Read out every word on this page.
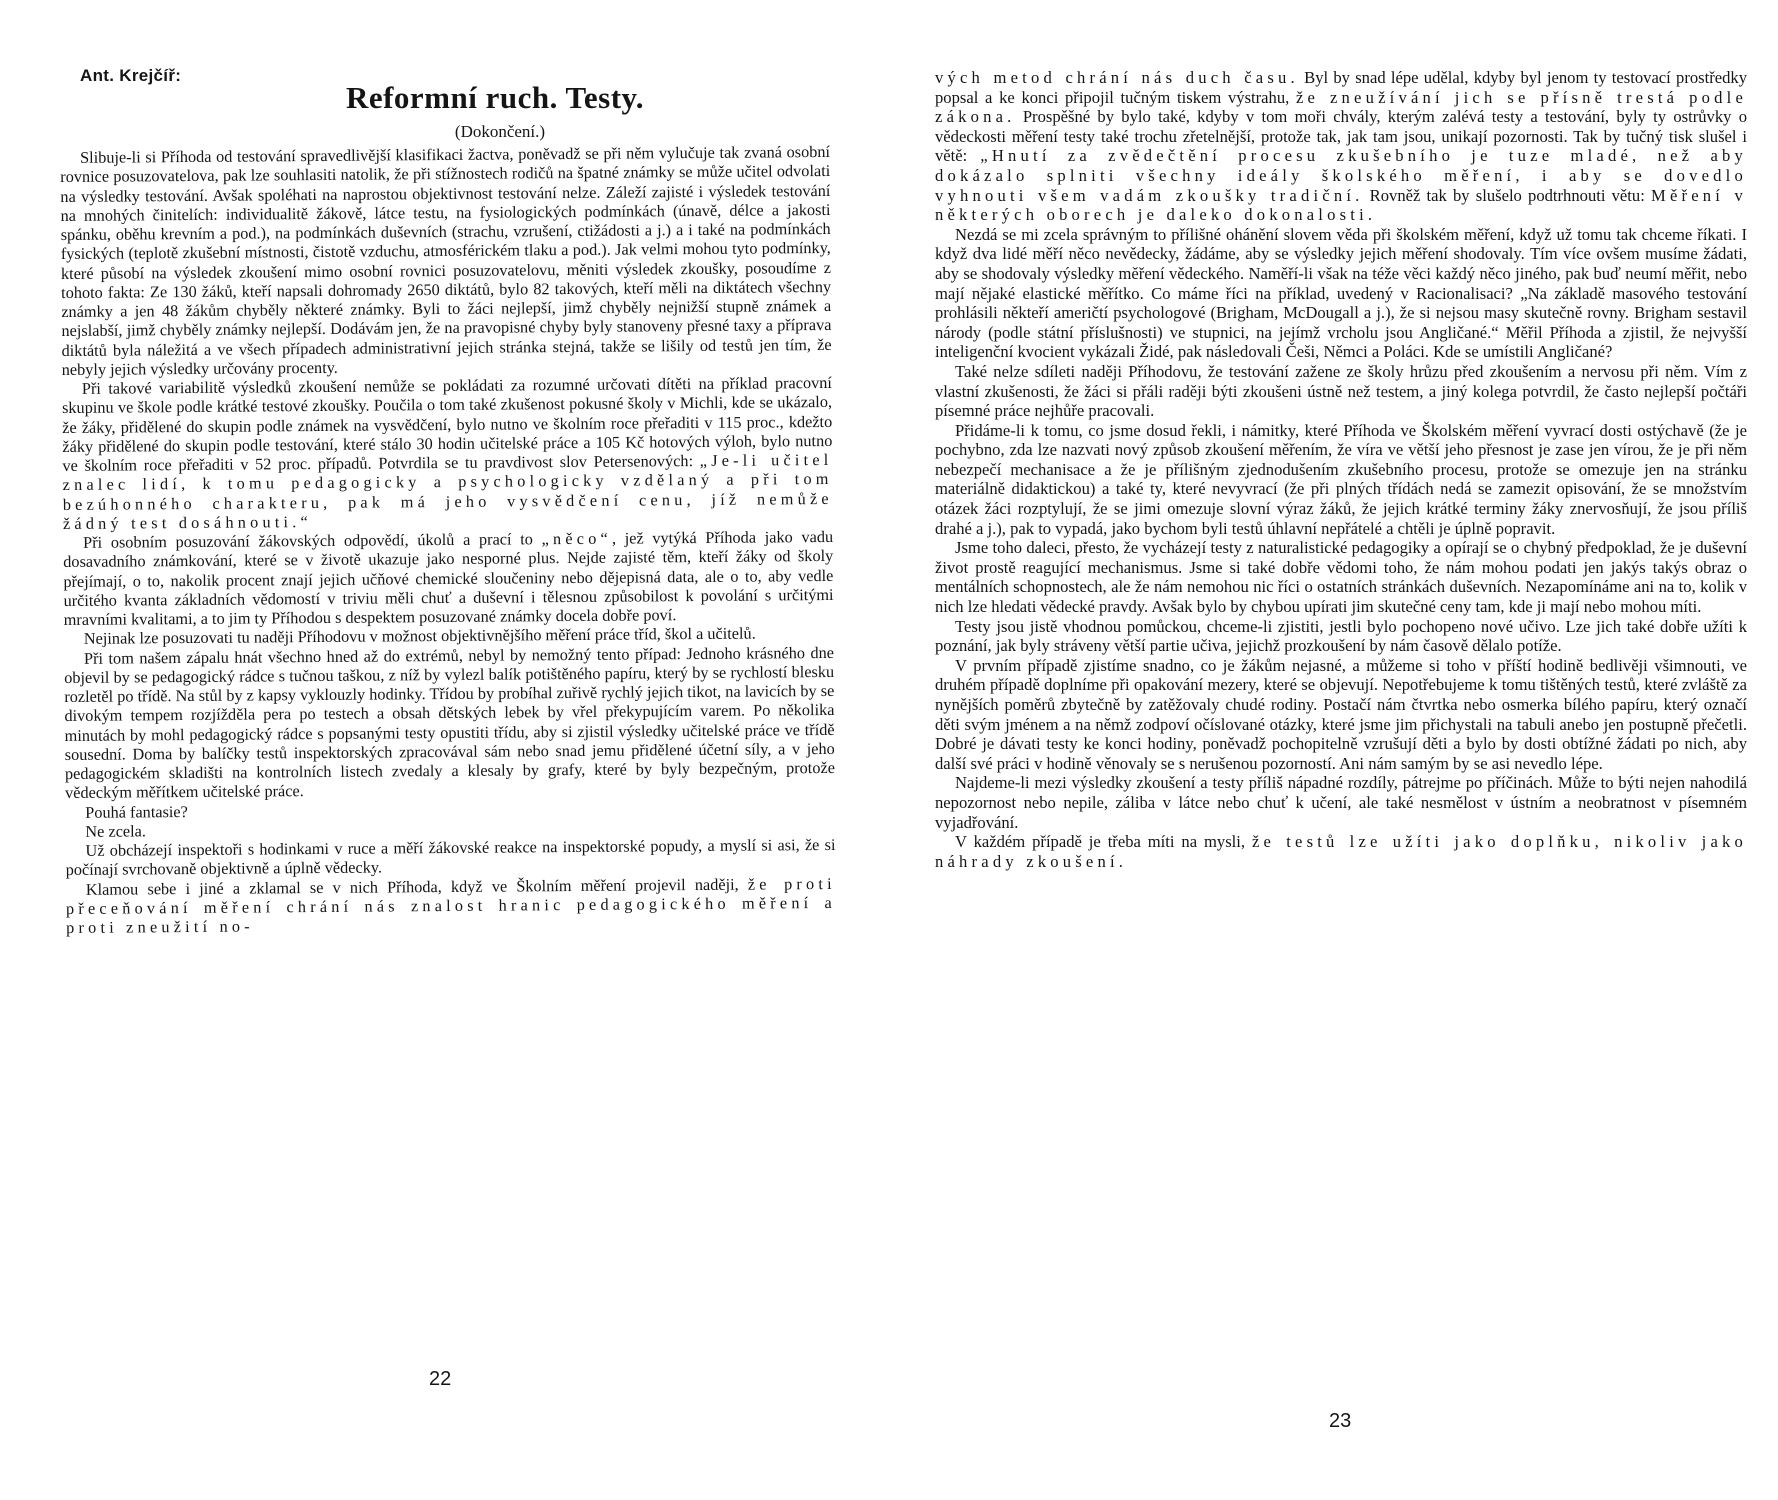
Ant. Krejčíř:
Reformní ruch. Testy.
(Dokončení.)

Slibuje-li si Příhoda od testování spravedlivější klasifikaci žactva, poněvadž se při něm vylučuje tak zvaná osobní rovnice posuzovatelova, pak lze souhlasiti natolik, že při stížnostech rodičů na špatné známky se může učitel odvolati na výsledky testování. Avšak spoléhati na naprostou objektivnost testování nelze. Záleží zajisté i výsledek testování na mnohých činitelích: individualitě žákově, látce testu, na fysiologických podmínkách (únavě, délce a jakosti spánku, oběhu krevním a pod.), na podmínkách duševních (strachu, vzrušení, ctižádosti a j.) a i také na podmínkách fysických (teplotě zkušební místnosti, čistotě vzduchu, atmosférickém tlaku a pod.). Jak velmi mohou tyto podmínky, které působí na výsledek zkoušení mimo osobní rovnici posuzovatelovu, měniti výsledek zkoušky, posoudíme z tohoto fakta: Ze 130 žáků, kteří napsali dohromady 2650 diktátů, bylo 82 takových, kteří měli na diktátech všechny známky a jen 48 žákům chyběly některé známky. Byli to žáci nejlepší, jimž chyběly nejnižší stupně známek a nejslabší, jimž chyběly známky nejlepší. Dodávám jen, že na pravopisné chyby byly stanoveny přesné taxy a příprava diktátů byla náležitá a ve všech případech administrativní jejich stránka stejná, takže se lišily od testů jen tím, že nebyly jejich výsledky určovány procenty.

Při takové variabilitě výsledků zkoušení nemůže se pokládati za rozumné určovati dítěti na příklad pracovní skupinu ve škole podle krátké testové zkoušky. Poučila o tom také zkušenost pokusné školy v Michli, kde se ukázalo, že žáky, přidělené do skupin podle známek na vysvědčení, bylo nutno ve školním roce přeřaditi v 115 proc., kdežto žáky přidělené do skupin podle testování, které stálo 30 hodin učitelské práce a 105 Kč hotových výloh, bylo nutno ve školním roce přeřaditi v 52 proc. případů. Potvrdila se tu pravdivost slov Petersenových: „Je-li učitel znalec lidí, k tomu pedagogicky a psychologicky vzdělaný a při tom bezúhonného charakteru, pak má jeho vysvědčení cenu, jíž nemůže žádný test dosáhnouti.“

Při osobním posuzování žákovských odpovědí, úkolů a prací to „něco“, jež vytýká Příhoda jako vadu dosavadního známkování, které se v životě ukazuje jako nesporné plus. Nejde zajisté těm, kteří žáky od školy přejímají, o to, nakolik procent znají jejich učňové chemické sloučeniny nebo dějepisná data, ale o to, aby vedle určitého kvanta základních vědomostí v triviu měli chuť a duševní i tělesnou způsobilost k povolání s určitými mravními kvalitami, a to jim ty Příhodou s despektem posuzované známky docela dobře poví.

Nejinak lze posuzovati tu naději Příhodovu v možnost objektivnějšího měření práce tříd, škol a učitelů.

Při tom našem zápalu hnát všechno hned až do extrémů, nebyl by nemožný tento případ: Jednoho krásného dne objevil by se pedagogický rádce s tučnou taškou, z níž by vylezl balík potištěného papíru, který by se rychlostí blesku rozletěl po třídě. Na stůl by z kapsy vyklouzly hodinky. Třídou by probíhal zuřivě rychlý jejich tikot, na lavicích by se divokým tempem rozjížděla pera po testech a obsah dětských lebek by vřel překypujícím varem. Po několika minutách by mohl pedagogický rádce s popsanými testy opustiti třídu, aby si zjistil výsledky učitelské práce ve třídě sousední. Doma by balíčky testů inspektorských zpracovával sám nebo snad jemu přidělené účetní síly, a v jeho pedagogickém skladišti na kontrolních listech zvedaly a klesaly by grafy, které by byly bezpečným, protože vědeckým měřítkem učitelské práce.

Pouhá fantasie?

Ne zcela.

Už obcházejí inspektoři s hodinkami v ruce a měří žákovské reakce na inspektorské popudy, a myslí si asi, že si počínají svrchovaně objektivně a úplně vědecky.

Klamou sebe i jiné a zklamal se v nich Příhoda, když ve Školním měření projevil naději, že proti přeceňování měření chrání nás znalost hranic pedagogického měření a proti zneužití no-

22

vých metod chrání nás duch času. Byl by snad lépe udělal, kdyby byl jenom ty testovací prostředky popsal a ke konci připojil tučným tiskem výstrahu, že zneužívání jich se přísně trestá podle zákona. Prospěšné by bylo také, kdyby v tom moři chvály, kterým zalévá testy a testování, byly ty ostrůvky o vědeckosti měření testy také trochu zřetelnější, protože tak, jak tam jsou, unikají pozornosti. Tak by tučný tisk slušel i větě: „Hnutí za zvědečtění procesu zkušebního je tuze mladé, než aby dokázalo splniti všechny ideály školského měření, i aby se dovedlo vyhnouti všem vadám zkoušky tradiční. Rovněž tak by slušelo podtrhnouti větu: Měření v některých oborech je daleko dokonalosti.

Nezdá se mi zcela správným to přílišné ohánění slovem věda při školském měření, když už tomu tak chceme říkati. I když dva lidé měří něco nevědecky, žádáme, aby se výsledky jejich měření shodovaly. Tím více ovšem musíme žádati, aby se shodovaly výsledky měření vědeckého. Naměří-li však na téže věci každý něco jiného, pak buď neumí měřit, nebo mají nějaké elastické měřítko. Co máme říci na příklad, uvedený v Racionalisaci? „Na základě masového testování prohlásili někteří američtí psychologové (Brigham, McDougall a j.), že si nejsou masy skutečně rovny. Brigham sestavil národy (podle státní příslušnosti) ve stupnici, na jejímž vrcholu jsou Angličané.“ Měřil Příhoda a zjistil, že nejvyšší inteligenční kvocient vykázali Židé, pak následovali Češi, Němci a Poláci. Kde se umístili Angličané?

Také nelze sdíleti naději Příhodovu, že testování zažene ze školy hrůzu před zkoušením a nervosu při něm. Vím z vlastní zkušenosti, že žáci si přáli raději býti zkoušeni ústně než testem, a jiný kolega potvrdil, že často nejlepší počtáři písemné práce nejhůře pracovali.

Přidáme-li k tomu, co jsme dosud řekli, i námitky, které Příhoda ve Školském měření vyvrací dosti ostýchavě (že je pochybno, zda lze nazvati nový způsob zkoušení měřením, že víra ve větší jeho přesnost je zase jen vírou, že je při něm nebezpečí mechanisace a že je přílišným zjednodušením zkušebního procesu, protože se omezuje jen na stránku materiálně didaktickou) a také ty, které nevyvrací (že při plných třídách nedá se zamezit opisování, že se množstvím otázek žáci rozptylují, že se jimi omezuje slovní výraz žáků, že jejich krátké terminy žáky znervosňují, že jsou příliš drahé a j.), pak to vypadá, jako bychom byli testů úhlavní nepřátelé a chtěli je úplně popravit.

Jsme toho daleci, přesto, že vycházejí testy z naturalistické pedagogiky a opírají se o chybný předpoklad, že je duševní život prostě reagující mechanismus. Jsme si také dobře vědomi toho, že nám mohou podati jen jakýs takýs obraz o mentálních schopnostech, ale že nám nemohou nic říci o ostatních stránkách duševních. Nezapomínáme ani na to, kolik v nich lze hledati vědecké pravdy. Avšak bylo by chybou upírati jim skutečné ceny tam, kde ji mají nebo mohou míti.

Testy jsou jistě vhodnou pomůckou, chceme-li zjistiti, jestli bylo pochopeno nové učivo. Lze jich také dobře užíti k poznání, jak byly stráveny větší partie učiva, jejichž prozkoušení by nám časově dělalo potíže.

V prvním případě zjistíme snadno, co je žákům nejasné, a můžeme si toho v příští hodině bedlivěji všimnouti, ve druhém případě doplníme při opakování mezery, které se objevují. Nepotřebujeme k tomu tištěných testů, které zvláště za nynějších poměrů zbytečně by zatěžovaly chudé rodiny. Postačí nám čtvrtka nebo osmerka bílého papíru, který označí děti svým jménem a na němž zodpoví očíslované otázky, které jsme jim přichystali na tabuli anebo jen postupně přečetli. Dobré je dávati testy ke konci hodiny, poněvadž pochopitelně vzrušují děti a bylo by dosti obtížné žádati po nich, aby další své práci v hodině věnovaly se s nerušenou pozorností. Ani nám samým by se asi nevedlo lépe.

Najdeme-li mezi výsledky zkoušení a testy příliš nápadné rozdíly, pátrejme po příčinách. Může to býti nejen nahodilá nepozornost nebo nepile, záliba v látce nebo chuť k učení, ale také nesmělost v ústním a neobratnost v písemném vyjadřování.

V každém případě je třeba míti na mysli, že testů lze užíti jako doplňku, nikoliv jako náhrady zkoušení.

23
